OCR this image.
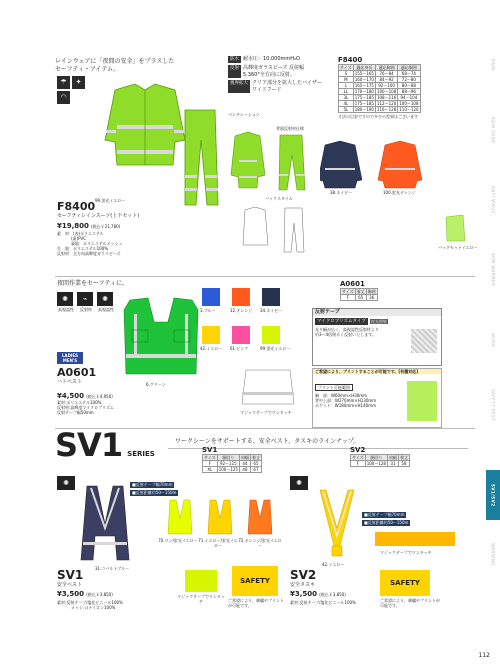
RAIN
RAIN GEAR
ANTI VIRUS
ARM WARMER
WORK
SAFETY VEST
SV1/SV2
WARNING
112
レインウェアに「夜間の安全」をプラスした
セーフティ・アイテム。
☂	✦
◠
防水 耐水圧：10,000mmH₂O
反射 高輝度ガラスビーズ 反射幅5.360°全方向に反射。
視界拡大 クリア部分を拡大したバイザー ワイドフード
F8400
サイズ	適応身長	適応胸囲	適応胴囲
S	155〜165	76〜84	68〜74
M	160〜170	84〜92	72〜80
L	165〜175	92〜100	80〜88
LL	170〜180	100〜108	88〜96
3L	175〜185	108〜116	94〜104
4L	175〜185	112〜120	100〜108
5L	180〜190	116〜128	110〜120
寸法の目安ですので多少の差異はございます
99.蛍光イエロー
ベンチレーション
背面反射材仕様
バックスタイル
38.ネイビー	100.蛍光オレンジ
バッグセットイエロー
F8400
セーフティレインスーツ(上下セット)
¥19,800 (税込￥21,780)
素　材：(表)ポリエステル
(裏)PVC
裏地：ポリエステルメッシュ
生　地：ポリエステル100%
反射材：全方向高輝度ガラスビーズ
夜間作業をセーフティに。
✺	⌁	✺
高視認性	反射材	高視認性
6.グリーン
3.ブルー	12.オレンジ 34.ネイビー
42.イエロー 61.ピンク	99.蛍光イエロー
A0601
サイズ	着丈	胸囲
F	65	36
反射テープ
マイクロプリズムタイプ	夜光照射
光り幅が広く、高視認性反射材より
約3〜4倍明るく反射いたします。
ご希望により、プリントすることが可能です。[有償対応]
プリント可能範囲
胸　部：W60mm×H30mm
背中上部：W270mm×H130mm
ポケット：W180mm×H140mm
マジックテープでワンタッチ
LADIES MEN'S
A0601
ハトベスト
¥4,500 (税込￥4,950)
素材:ポリエステル100%
反射材:高輝度マイクロプリズム
反射テープ幅50mm
SV1 SERIES
ワークシーンをサポートする、安全ベスト、タスキのラインナップ。
✺	■反射テープ幅70mm
■反射距離約50〜150m
31.コバルトブルー
SV1
サイズ	胴回り	肩幅	着丈
F	92〜115	44	65
XL	100〜125	48	67
70.ワン/蛍光イエロー 71.イエロー/蛍光イエロー
72.オレンジ/蛍光イエロー
マジックテープでワンタッチ
SAFETY
ご希望により、刺繍やプリントが可能です。
SV1
安全ベスト
¥3,500 (税込￥3,850)
素材:反射テープ/塩化ビニール100%
メッシュ/ナイロン100%
✺
SV2
サイズ	胴回り	肩幅	着丈
F	100〜128	31	58
■反射テープ幅70mm
■反射距離約50〜150m
42.イエロー
マジックテープでワンタッチ
SAFETY
ご希望により、刺繍やプリントが可能です。
SV2
安全タスキ
¥3,500 (税込￥3,850)
素材:反射テープ/塩化ビニール100%
